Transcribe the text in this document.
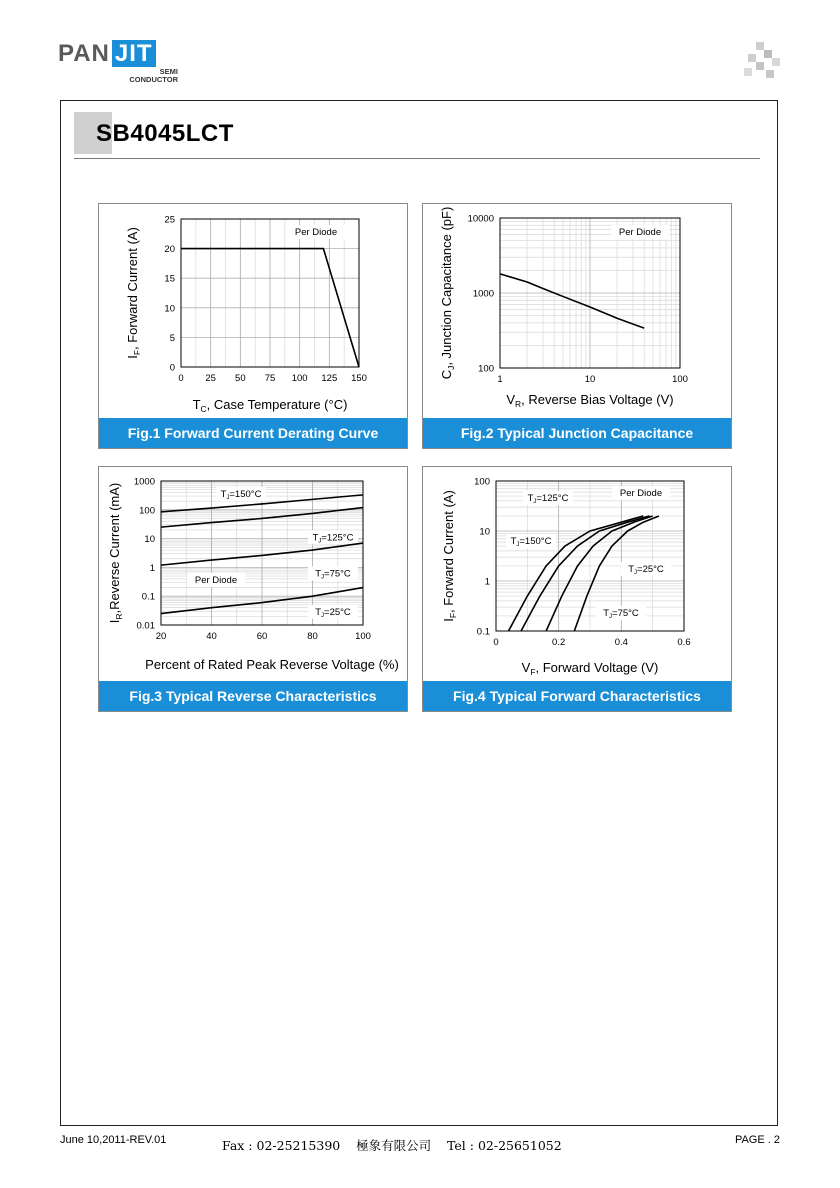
PAN JIT
SEMI
CONDUCTOR
SB4045LCT
0 25 50 75 100 125 150
0
5
10
15
20
25
Per Diode
$T_C$, Case Temperature (°C)
$I_F$, Forward Current (A)
Fig.1 Forward Current Derating Curve
1	10	100
100
1000
10000
Per Diode
$V_R$, Reverse Bias Voltage (V)
$C_J$, Junction Capacitance (pF)
Fig.2 Typical Junction Capacitance
20	40	60	80	100
0.01
0.1
1
10
100
1000
Per Diode
$T_J=150^\circ C$
$T_J=125^\circ C$
$T_J=75^\circ C$
$T_J=25^\circ C$
Percent of Rated Peak Reverse Voltage (%)
$I_R,Reverse$ Current (mA)
Fig.3 Typical Reverse Characteristics
0	0.2	0.4	0.6
0.1
1
10
100
Per Diode
$T_J=150^\circ C$
$T_J=125^\circ C$
$T_J=75^\circ C$
$T_J=25^\circ C$
$V_F$, Forward Voltage (V)
$I_F$, Forward Current (A)
Fig.4 Typical Forward Characteristics
June 10,2011-REV.01	Fax : 02-25215390    極象有限公司    Tel : 02-25651052	PAGE . 2
